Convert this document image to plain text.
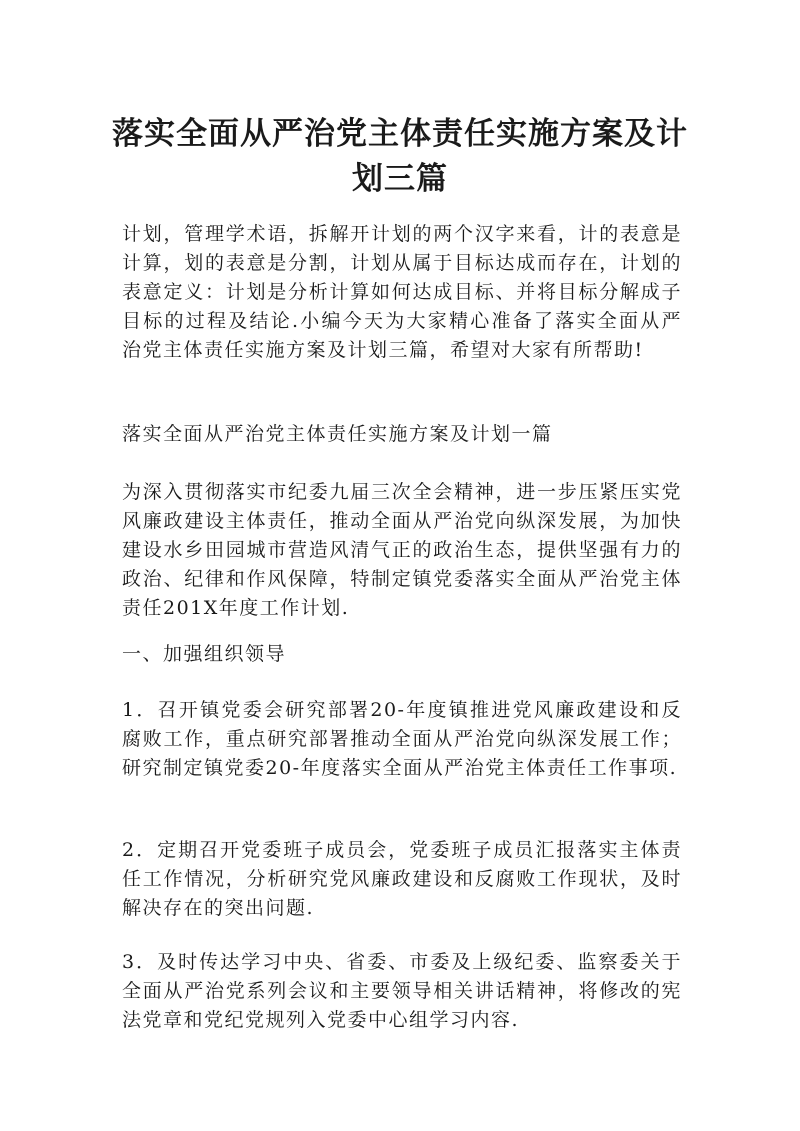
落实全面从严治党主体责任实施方案及计划三篇

计划，管理学术语，拆解开计划的两个汉字来看，计的表意是计算，划的表意是分割，计划从属于目标达成而存在，计划的表意定义：计划是分析计算如何达成目标、并将目标分解成子目标的过程及结论.小编今天为大家精心准备了落实全面从严治党主体责任实施方案及计划三篇，希望对大家有所帮助!

落实全面从严治党主体责任实施方案及计划一篇

为深入贯彻落实市纪委九届三次全会精神，进一步压紧压实党风廉政建设主体责任，推动全面从严治党向纵深发展，为加快建设水乡田园城市营造风清气正的政治生态，提供坚强有力的政治、纪律和作风保障，特制定镇党委落实全面从严治党主体责任201X年度工作计划.

一、加强组织领导

1．召开镇党委会研究部署20-年度镇推进党风廉政建设和反腐败工作，重点研究部署推动全面从严治党向纵深发展工作；研究制定镇党委20-年度落实全面从严治党主体责任工作事项.

2．定期召开党委班子成员会，党委班子成员汇报落实主体责任工作情况，分析研究党风廉政建设和反腐败工作现状，及时解决存在的突出问题.

3．及时传达学习中央、省委、市委及上级纪委、监察委关于全面从严治党系列会议和主要领导相关讲话精神，将修改的宪法党章和党纪党规列入党委中心组学习内容.
